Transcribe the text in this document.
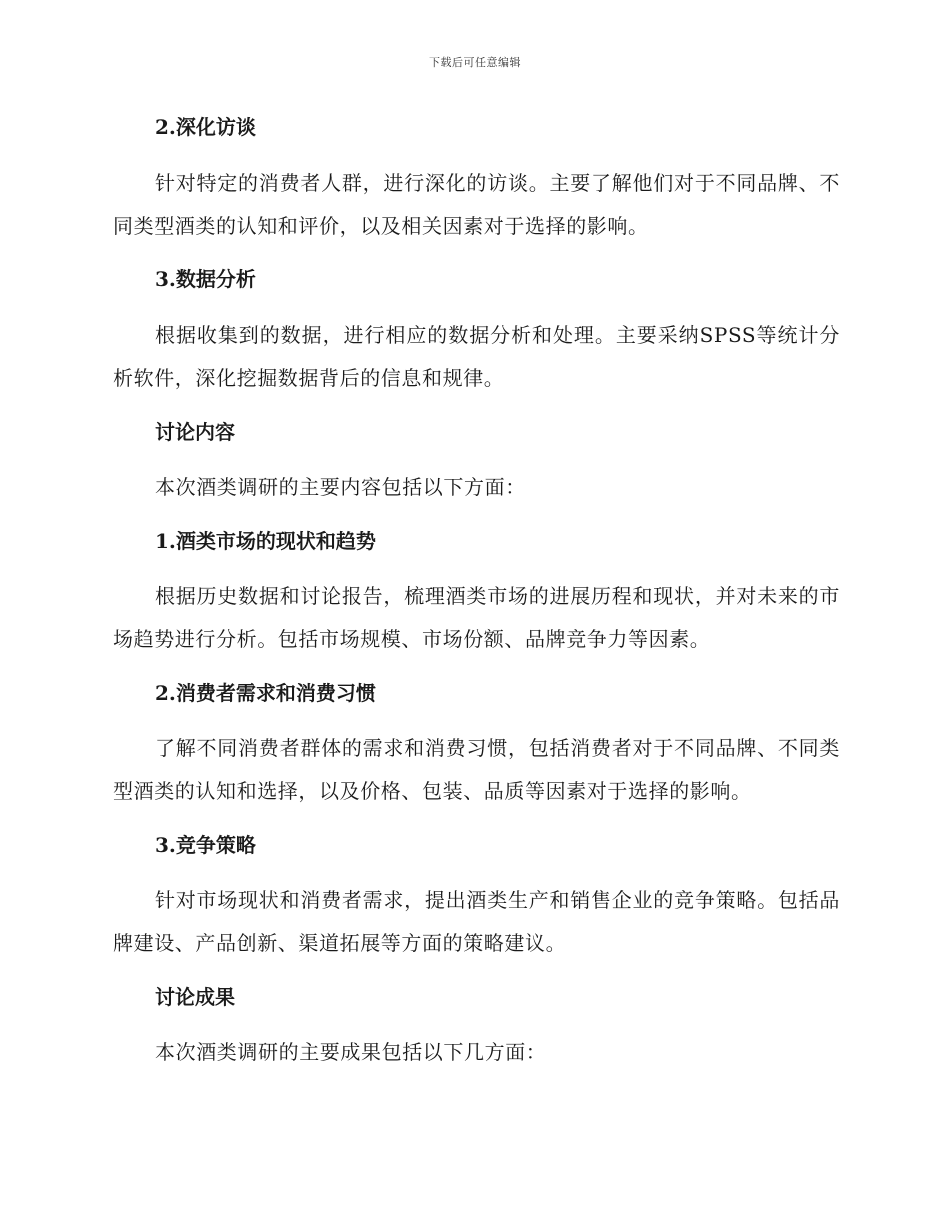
下载后可任意编辑
2.深化访谈
针对特定的消费者人群，进行深化的访谈。主要了解他们对于不同品牌、不同类型酒类的认知和评价，以及相关因素对于选择的影响。
3.数据分析
根据收集到的数据，进行相应的数据分析和处理。主要采纳SPSS等统计分析软件，深化挖掘数据背后的信息和规律。
讨论内容
本次酒类调研的主要内容包括以下方面：
1.酒类市场的现状和趋势
根据历史数据和讨论报告，梳理酒类市场的进展历程和现状，并对未来的市场趋势进行分析。包括市场规模、市场份额、品牌竞争力等因素。
2.消费者需求和消费习惯
了解不同消费者群体的需求和消费习惯，包括消费者对于不同品牌、不同类型酒类的认知和选择，以及价格、包装、品质等因素对于选择的影响。
3.竞争策略
针对市场现状和消费者需求，提出酒类生产和销售企业的竞争策略。包括品牌建设、产品创新、渠道拓展等方面的策略建议。
讨论成果
本次酒类调研的主要成果包括以下几方面：
